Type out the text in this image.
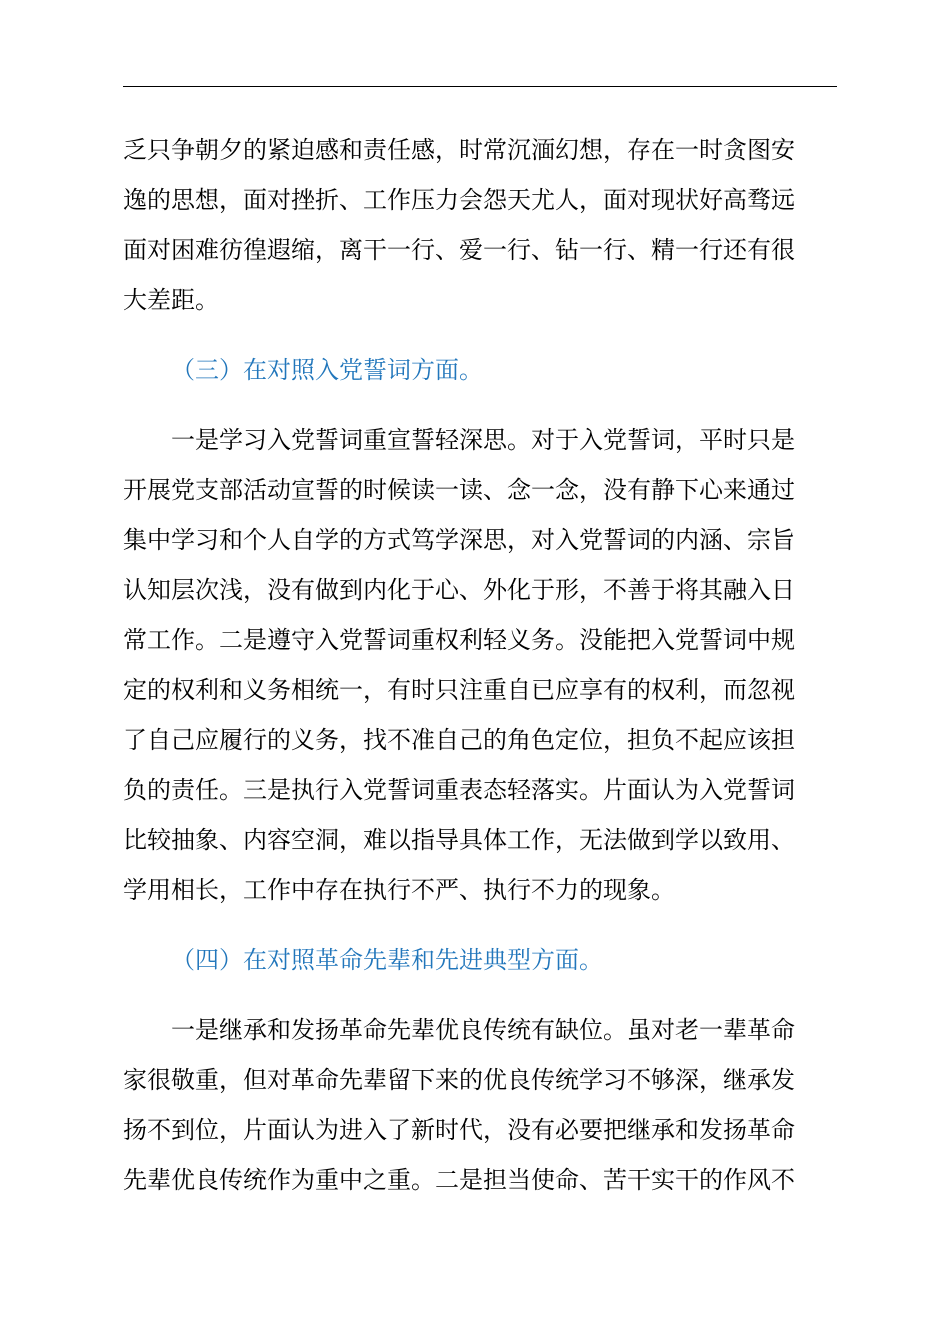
乏只争朝夕的紧迫感和责任感，时常沉湎幻想，存在一时贪图安
逸的思想，面对挫折、工作压力会怨天尤人，面对现状好高骛远
面对困难彷徨遐缩，离干一行、爱一行、钻一行、精一行还有很
大差距。
（三）在对照入党誓词方面。
一是学习入党誓词重宣誓轻深思。对于入党誓词，平时只是
开展党支部活动宣誓的时候读一读、念一念，没有静下心来通过
集中学习和个人自学的方式笃学深思，对入党誓词的内涵、宗旨
认知层次浅，没有做到内化于心、外化于形，不善于将其融入日
常工作。二是遵守入党誓词重权利轻义务。没能把入党誓词中规
定的权利和义务相统一，有时只注重自已应享有的权利，而忽视
了自己应履行的义务，找不准自己的角色定位，担负不起应该担
负的责任。三是执行入党誓词重表态轻落实。片面认为入党誓词
比较抽象、内容空洞，难以指导具体工作，无法做到学以致用、
学用相长，工作中存在执行不严、执行不力的现象。
（四）在对照革命先辈和先进典型方面。
一是继承和发扬革命先辈优良传统有缺位。虽对老一辈革命
家很敬重，但对革命先辈留下来的优良传统学习不够深，继承发
扬不到位，片面认为进入了新时代，没有必要把继承和发扬革命
先辈优良传统作为重中之重。二是担当使命、苦干实干的作风不
